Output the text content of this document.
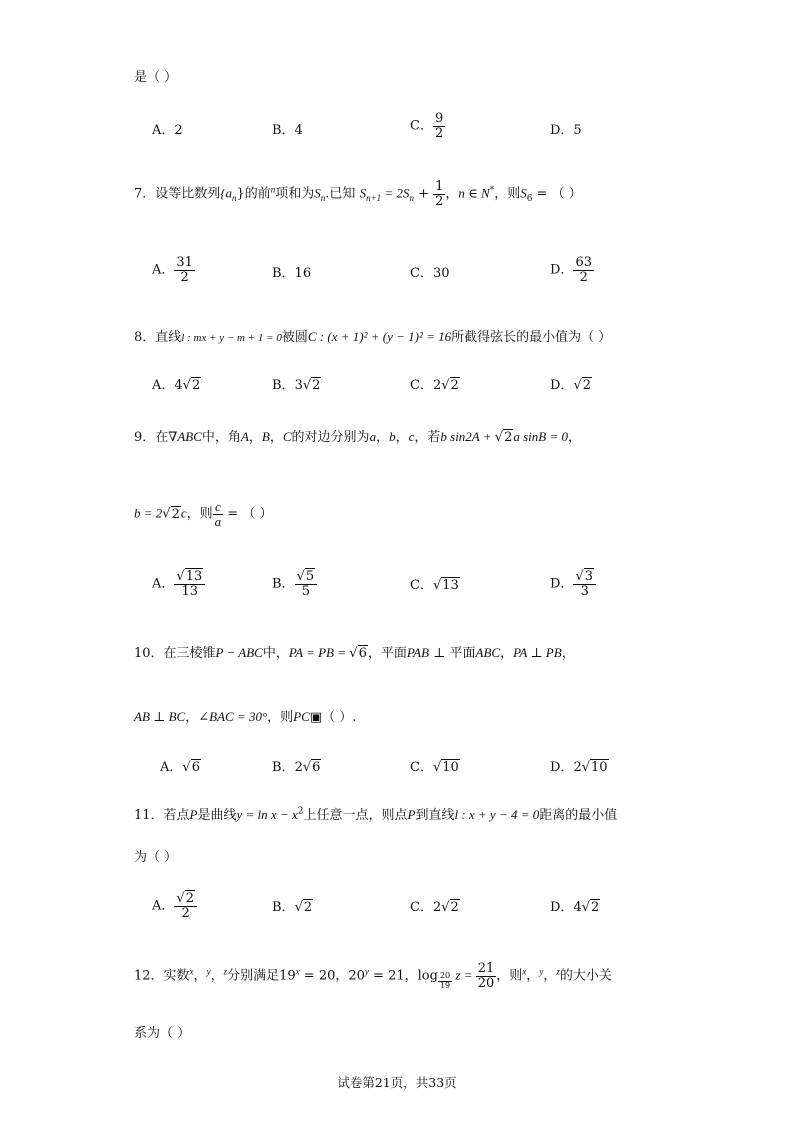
是（ ）
A．2	B．4	C． $\frac{9}{2}$	D．5
7．设等比数列$\{a_n\}$的前$^n$项和为$S_n$.已知 $S_{n+1} = 2S_n + \frac{1}{2}$ ，n ∈ N*，则$S_6$ = （ ）
A． $\frac{31}{2}$	B．16	C．30	D． $\frac{63}{2}$
8．直线l : mx + y − m + 1 = 0被圆C : (x + 1)² + (y − 1)² = 16所截得弦长的最小值为（ ）
A．4√2	B．3√2	C．2√2	D．√2
9．在∇ABC中，角A，B，C的对边分别为a，b，c，若b sin2A + √2a sinB = 0，
b = 2√2c，则 $\frac{c}{a}$ = （ ）
A． $\frac{√13}{13}$	B． $\frac{√5}{5}$	C．√13	D． $\frac{√3}{3}$
10．在三棱锥P − ABC中，PA = PB = √6，平面PAB ⊥ 平面ABC，PA ⊥ PB，
AB ⊥ BC，∠BAC = 30°，则PC▣（ ）.
A．√6	B．2√6	C．√10	D．2√10
11．若点P是曲线$y = \ln x - x^2$上任意一点，则点P到直线l : x + y − 4 = 0距离的最小值
为（ ）
A． $\frac{√2}{2}$	B．√2	C．2√2	D．4√2
12．实数$^x$，$^y$，$^z$分别满足$19^x = 20$，$20^y = 21$，$\log \frac{20}{19}$ $z = \frac{21}{20}$ ，则$^x$，$^y$，$^z$的大小关
系为（ ）
试卷第21页，共33页
